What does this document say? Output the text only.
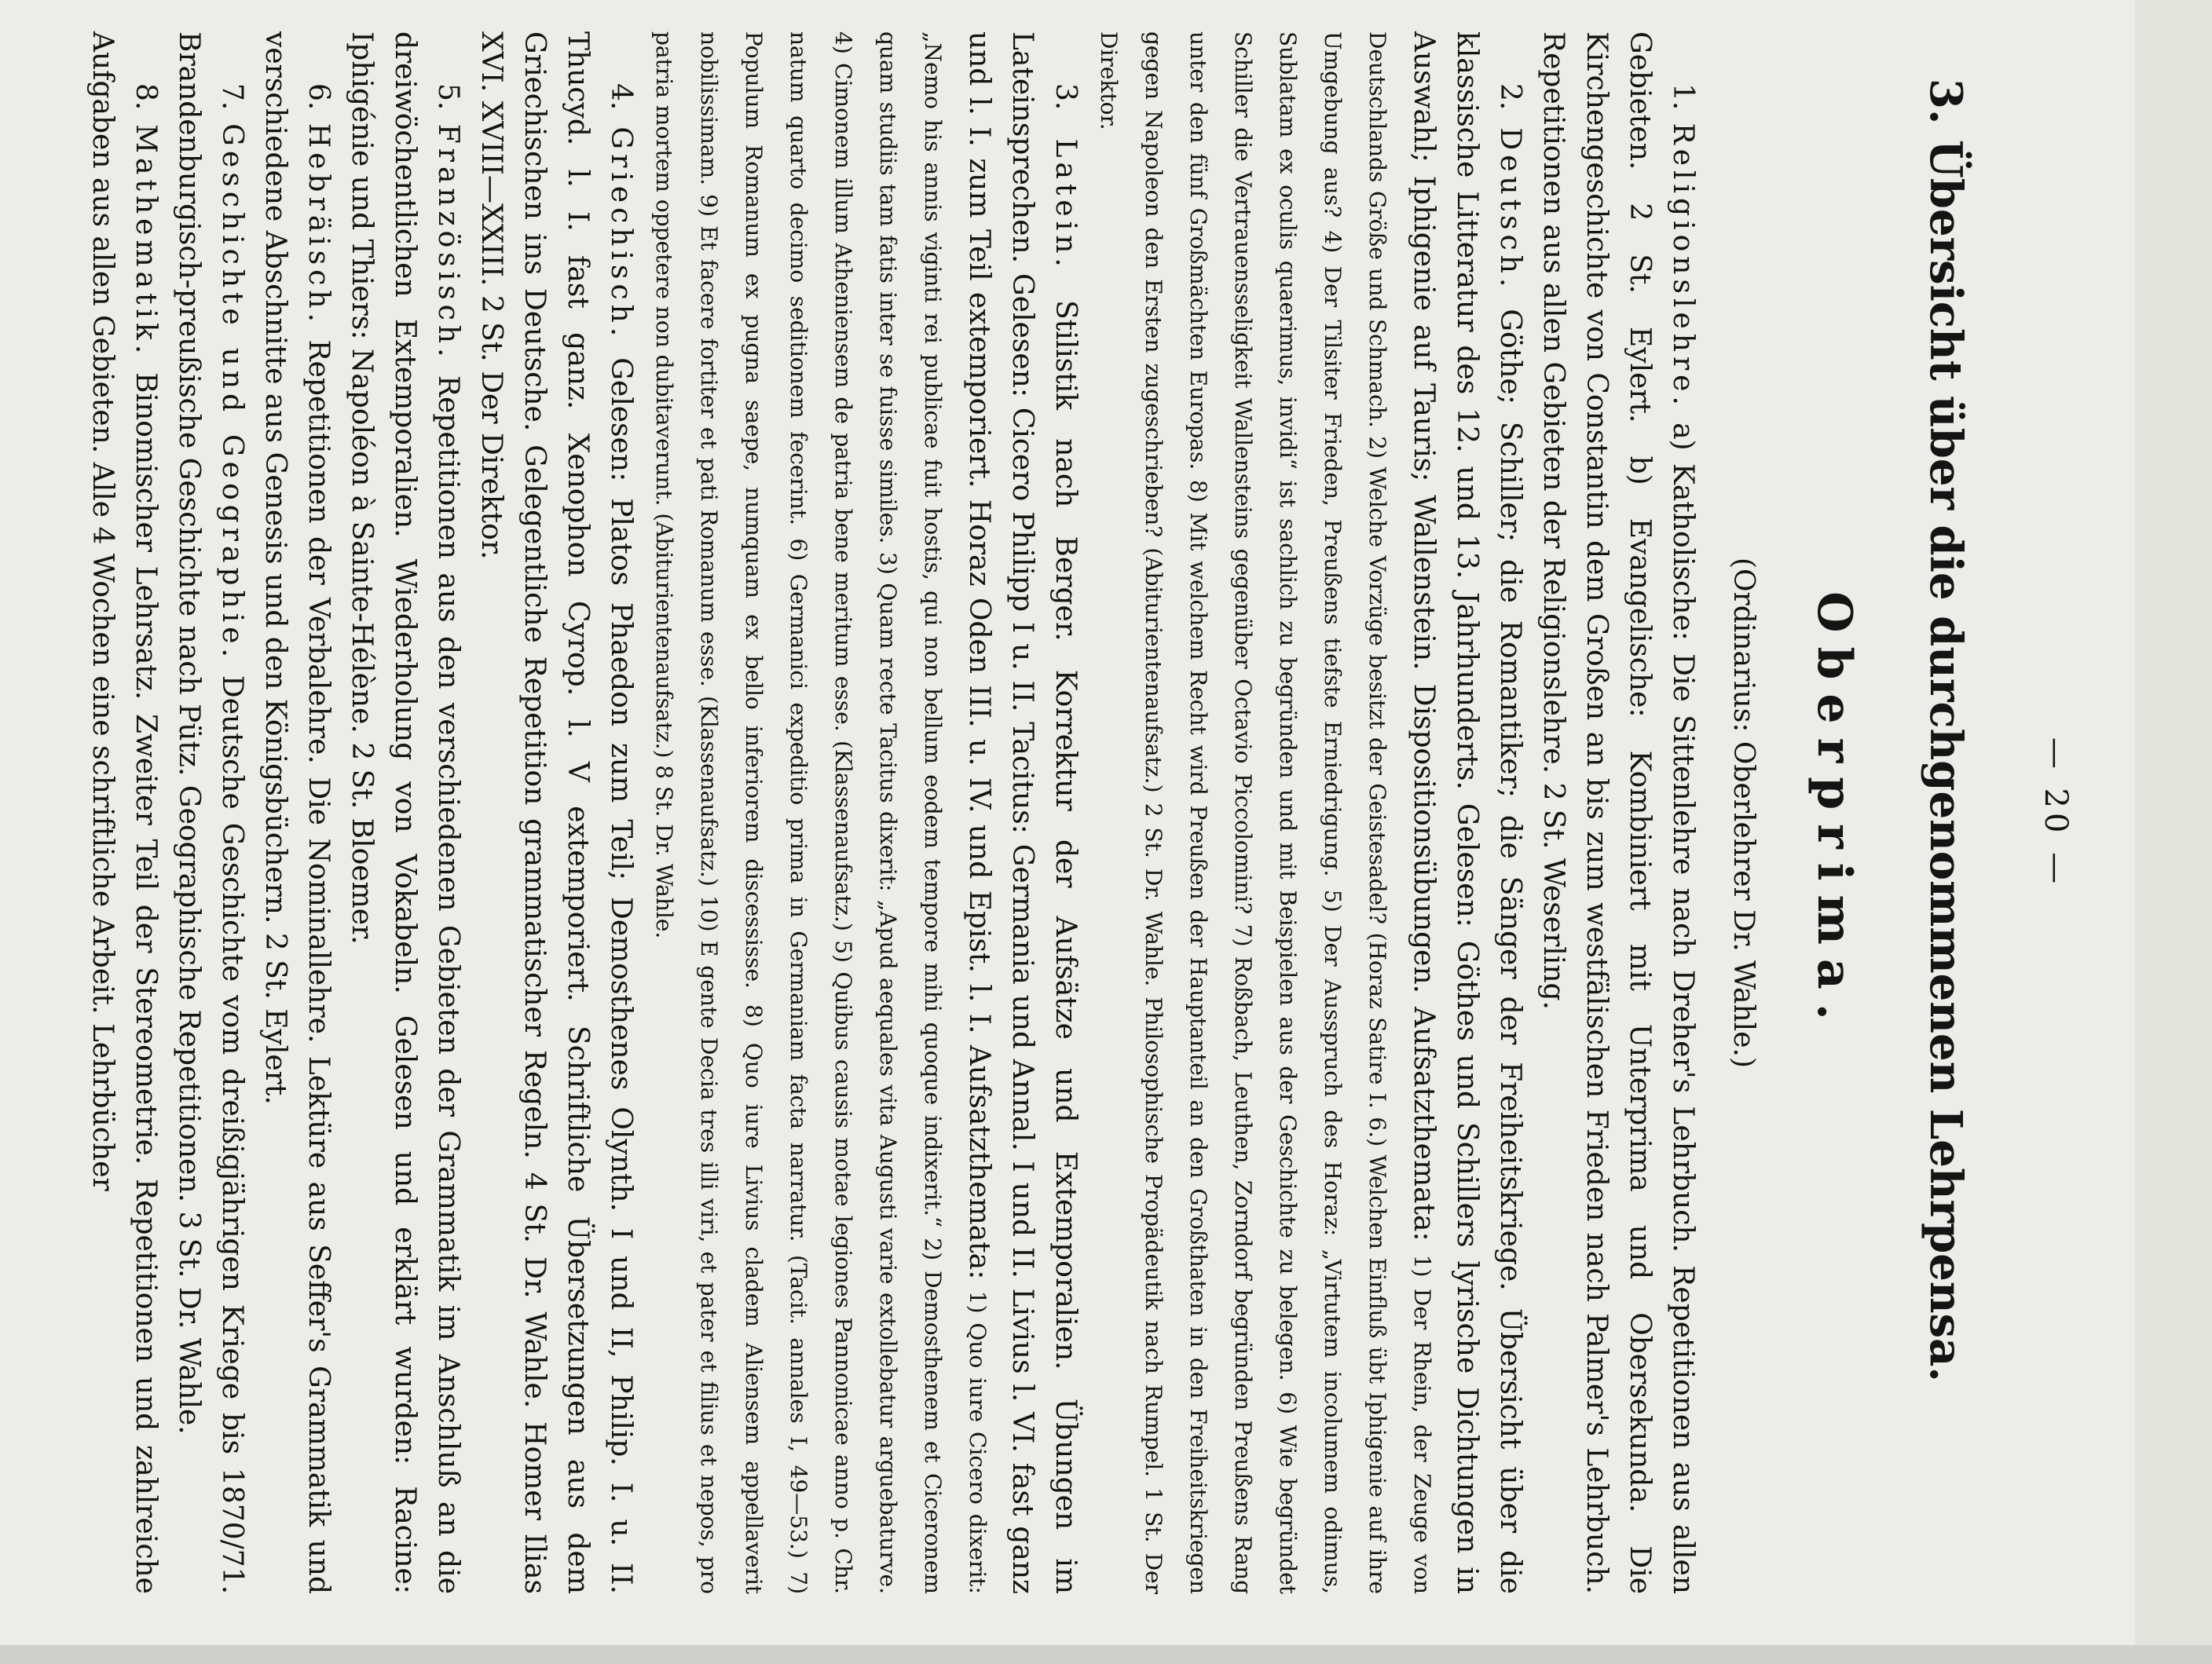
— 20 —
3. Übersicht über die durchgenommenen Lehrpensa.
Oberprima.
(Ordinarius: Oberlehrer Dr. Wahle.)

1. Religionslehre. a) Katholische: Die Sittenlehre nach Dreher's Lehrbuch. Repetitionen aus allen Gebieten. 2 St. Eylert. b) Evangelische: Kombiniert mit Unterprima und Obersekunda. Die Kirchengeschichte von Constantin dem Großen an bis zum westfälischen Frieden nach Palmer's Lehrbuch. Repetitionen aus allen Gebieten der Religionslehre. 2 St. Weserling.

2. Deutsch. Göthe; Schiller; die Romantiker; die Sänger der Freiheitskriege. Übersicht über die klassische Litteratur des 12. und 13. Jahrhunderts. Gelesen: Göthes und Schillers lyrische Dichtungen in Auswahl; Iphigenie auf Tauris; Wallenstein. Dispositionsübungen. Aufsatzthemata: 1) Der Rhein, der Zeuge von Deutschlands Größe und Schmach. 2) Welche Vorzüge besitzt der Geistesadel? (Horaz Satire I. 6.) Welchen Einfluß übt Iphigenie auf ihre Umgebung aus? 4) Der Tilsiter Frieden, Preußens tiefste Erniedrigung. 5) Der Ausspruch des Horaz: „Virtutem incolumem odimus, Sublatam ex oculis quaerimus, invidi“ ist sachlich zu begründen und mit Beispielen aus der Geschichte zu belegen. 6) Wie begründet Schiller die Vertrauensseligkeit Wallensteins gegenüber Octavio Piccolomini? 7) Roßbach, Leuthen, Zorndorf begründen Preußens Rang unter den fünf Großmächten Europas. 8) Mit welchem Recht wird Preußen der Hauptanteil an den Großthaten in den Freiheitskriegen gegen Napoleon den Ersten zugeschrieben? (Abiturientenaufsatz.) 2 St. Dr. Wahle. Philosophische Propädeutik nach Rumpel. 1 St. Der Direktor.

3. Latein. Stilistik nach Berger. Korrektur der Aufsätze und Extemporalien. Übungen im Lateinsprechen. Gelesen: Cicero Philipp I u. II. Tacitus: Germania und Annal. I und II. Livius l. VI. fast ganz und l. I. zum Teil extemporiert. Horaz Oden III. u. IV. und Epist. l. I. Aufsatzthemata: 1) Quo iure Cicero dixerit: „Nemo his annis viginti rei publicae fuit hostis, qui non bellum eodem tempore mihi quoque indixerit.“ 2) Demosthenem et Ciceronem quam studiis tam fatis inter se fuisse similes. 3) Quam recte Tacitus dixerit: „Apud aequales vita Augusti varie extollebatur arguebaturve. 4) Cimonem illum Atheniensem de patria bene meritum esse. (Klassenaufsatz.) 5) Quibus causis motae legiones Pannonicae anno p. Chr. natum quarto decimo seditionem fecerint. 6) Germanici expeditio prima in Germaniam facta narratur. (Tacit. annales I, 49—53.) 7) Populum Romanum ex pugna saepe, numquam ex bello inferiorem discessisse. 8) Quo iure Livius cladem Aliensem appellaverit nobilissimam. 9) Et facere fortiter et pati Romanum esse. (Klassenaufsatz.) 10) E gente Decia tres illi viri, et pater et filius et nepos, pro patria mortem oppetere non dubitaverunt. (Abiturientenaufsatz.) 8 St. Dr. Wahle.

4. Griechisch. Gelesen: Platos Phaedon zum Teil; Demosthenes Olynth. I und II, Philip. I. u. II. Thucyd. l. I. fast ganz. Xenophon Cyrop. l. V extemporiert. Schriftliche Übersetzungen aus dem Griechischen ins Deutsche. Gelegentliche Repetition grammatischer Regeln. 4 St. Dr. Wahle. Homer Ilias XVI. XVIII—XXIII. 2 St. Der Direktor.

5. Französisch. Repetitionen aus den verschiedenen Gebieten der Grammatik im Anschluß an die dreiwöchentlichen Extemporalien. Wiederholung von Vokabeln. Gelesen und erklärt wurden: Racine: Iphigénie und Thiers: Napoléon à Sainte-Hélène. 2 St. Bloemer.

6. Hebräisch. Repetitionen der Verbalehre. Die Nominallehre. Lektüre aus Seffer's Grammatik und verschiedene Abschnitte aus Genesis und den Königsbüchern. 2 St. Eylert.

7. Geschichte und Geographie. Deutsche Geschichte vom dreißigjährigen Kriege bis 1870/71. Brandenburgisch-preußische Geschichte nach Pütz. Geographische Repetitionen. 3 St. Dr. Wahle.

8. Mathematik. Binomischer Lehrsatz. Zweiter Teil der Stereometrie. Repetitionen und zahlreiche Aufgaben aus allen Gebieten. Alle 4 Wochen eine schriftliche Arbeit. Lehrbücher
